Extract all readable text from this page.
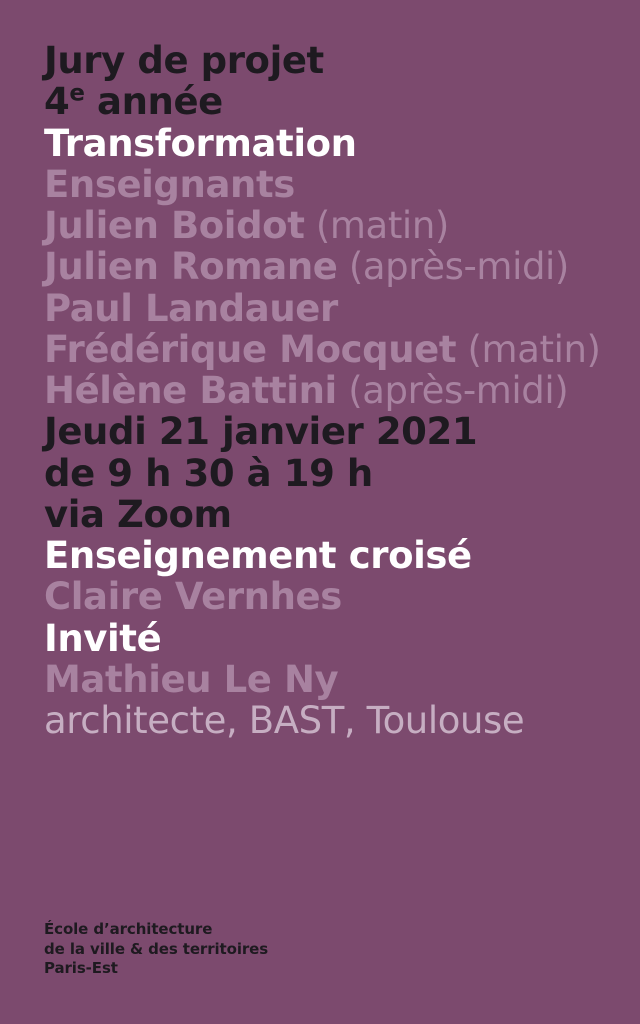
Jury de projet
4e année
Transformation
Enseignants
Julien Boidot (matin)
Julien Romane (après-midi)
Paul Landauer
Frédérique Mocquet (matin)
Hélène Battini (après-midi)
Jeudi 21 janvier 2021
de 9 h 30 à 19 h
via Zoom
Enseignement croisé
Claire Vernhes
Invité
Mathieu Le Ny
architecte, BAST, Toulouse
École d’architecture
de la ville & des territoires
Paris-Est
